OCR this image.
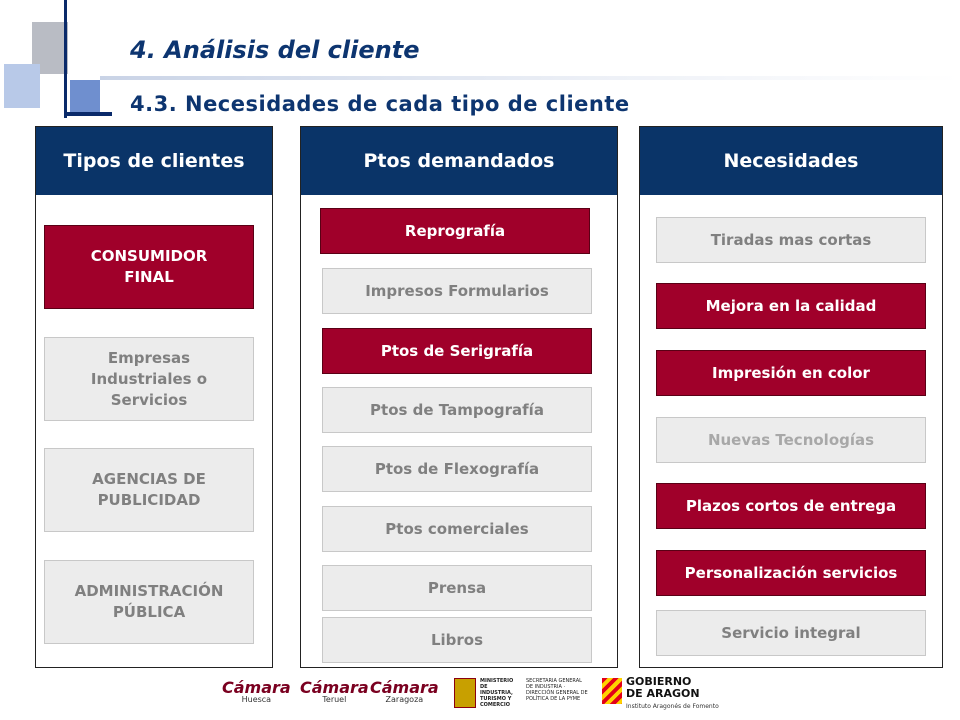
4. Análisis del cliente
4.3. Necesidades de cada tipo de cliente
Tipos de clientes
CONSUMIDOR FINAL
Empresas Industriales o Servicios
AGENCIAS DE PUBLICIDAD
ADMINISTRACIÓN PÚBLICA
Ptos demandados
Reprografía
Impresos Formularios
Ptos de Serigrafía
Ptos de Tampografía
Ptos de Flexografía
Ptos comerciales
Prensa
Libros
Necesidades
Tiradas mas cortas
Mejora en la calidad
Impresión en color
Nuevas Tecnologías
Plazos cortos de entrega
Personalización servicios
Servicio integral
Cámara
Huesca
Cámara
Teruel
Cámara
Zaragoza
MINISTERIO DE INDUSTRIA, TURISMO Y COMERCIO
SECRETARÍA GENERAL DE INDUSTRIA · DIRECCIÓN GENERAL DE POLÍTICA DE LA PYME
GOBIERNO DE ARAGON
Instituto Aragonés de Fomento
